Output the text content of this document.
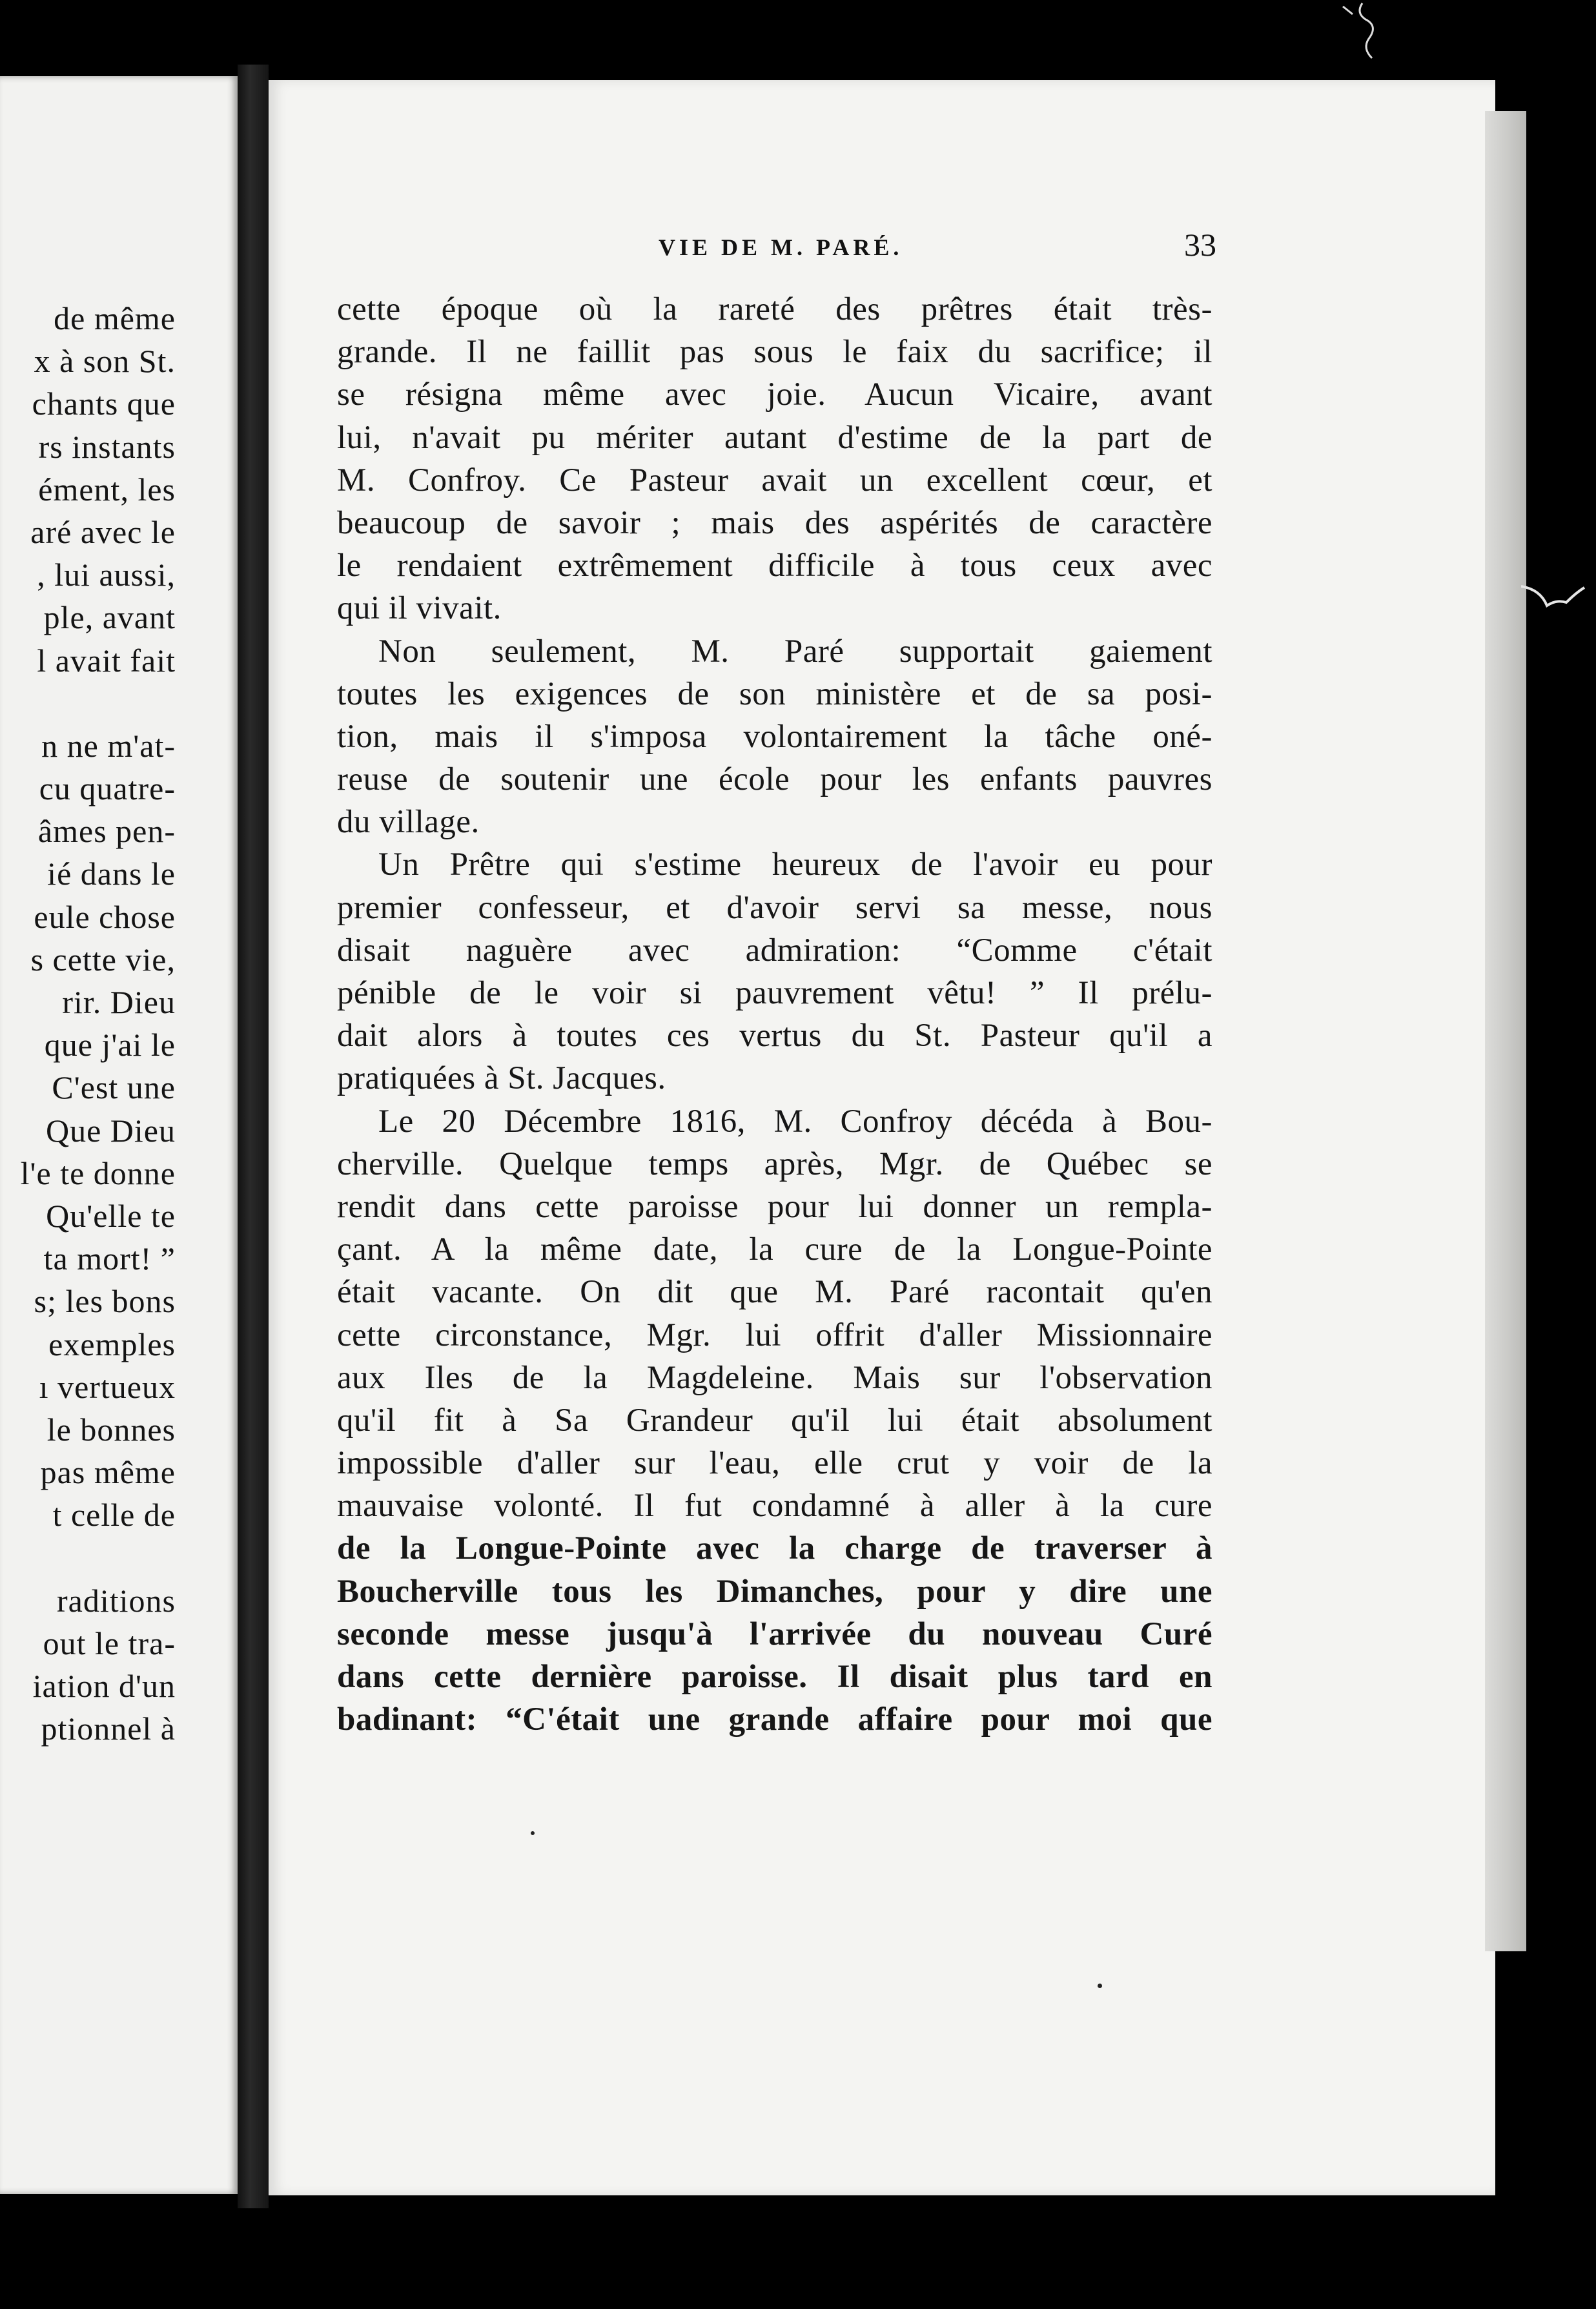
de même
x à son St.
chants que
rs instants
ément, les
aré avec le
, lui aussi,
ple, avant
l avait fait
n ne m'at-
cu quatre-
âmes pen-
ié dans le
eule chose
s cette vie,
rir. Dieu
que j'ai le
C'est une
Que Dieu
l'e te donne
Qu'elle te
ta mort! ”
s; les bons
exemples
ı vertueux
le bonnes
pas même
t celle de
raditions
out le tra-
iation d'un
ptionnel à
VIE DE M. PARÉ.	33
cette époque où la rareté des prêtres était très-
grande. Il ne faillit pas sous le faix du sacrifice; il
se résigna même avec joie. Aucun Vicaire, avant
lui, n'avait pu mériter autant d'estime de la part de
M. Confroy. Ce Pasteur avait un excellent cœur, et
beaucoup de savoir ; mais des aspérités de caractère
le rendaient extrêmement difficile à tous ceux avec
qui il vivait.
Non seulement, M. Paré supportait gaiement
toutes les exigences de son ministère et de sa posi-
tion, mais il s'imposa volontairement la tâche oné-
reuse de soutenir une école pour les enfants pauvres
du village.
Un Prêtre qui s'estime heureux de l'avoir eu pour
premier confesseur, et d'avoir servi sa messe, nous
disait naguère avec admiration: “Comme c'était
pénible de le voir si pauvrement vêtu! ” Il prélu-
dait alors à toutes ces vertus du St. Pasteur qu'il a
pratiquées à St. Jacques.
Le 20 Décembre 1816, M. Confroy décéda à Bou-
cherville. Quelque temps après, Mgr. de Québec se
rendit dans cette paroisse pour lui donner un rempla-
çant. A la même date, la cure de la Longue-Pointe
était vacante. On dit que M. Paré racontait qu'en
cette circonstance, Mgr. lui offrit d'aller Missionnaire
aux Iles de la Magdeleine. Mais sur l'observation
qu'il fit à Sa Grandeur qu'il lui était absolument
impossible d'aller sur l'eau, elle crut y voir de la
mauvaise volonté. Il fut condamné à aller à la cure
de la Longue-Pointe avec la charge de traverser à
Boucherville tous les Dimanches, pour y dire une
seconde messe jusqu'à l'arrivée du nouveau Curé
dans cette dernière paroisse. Il disait plus tard en
badinant: “C'était une grande affaire pour moi que
